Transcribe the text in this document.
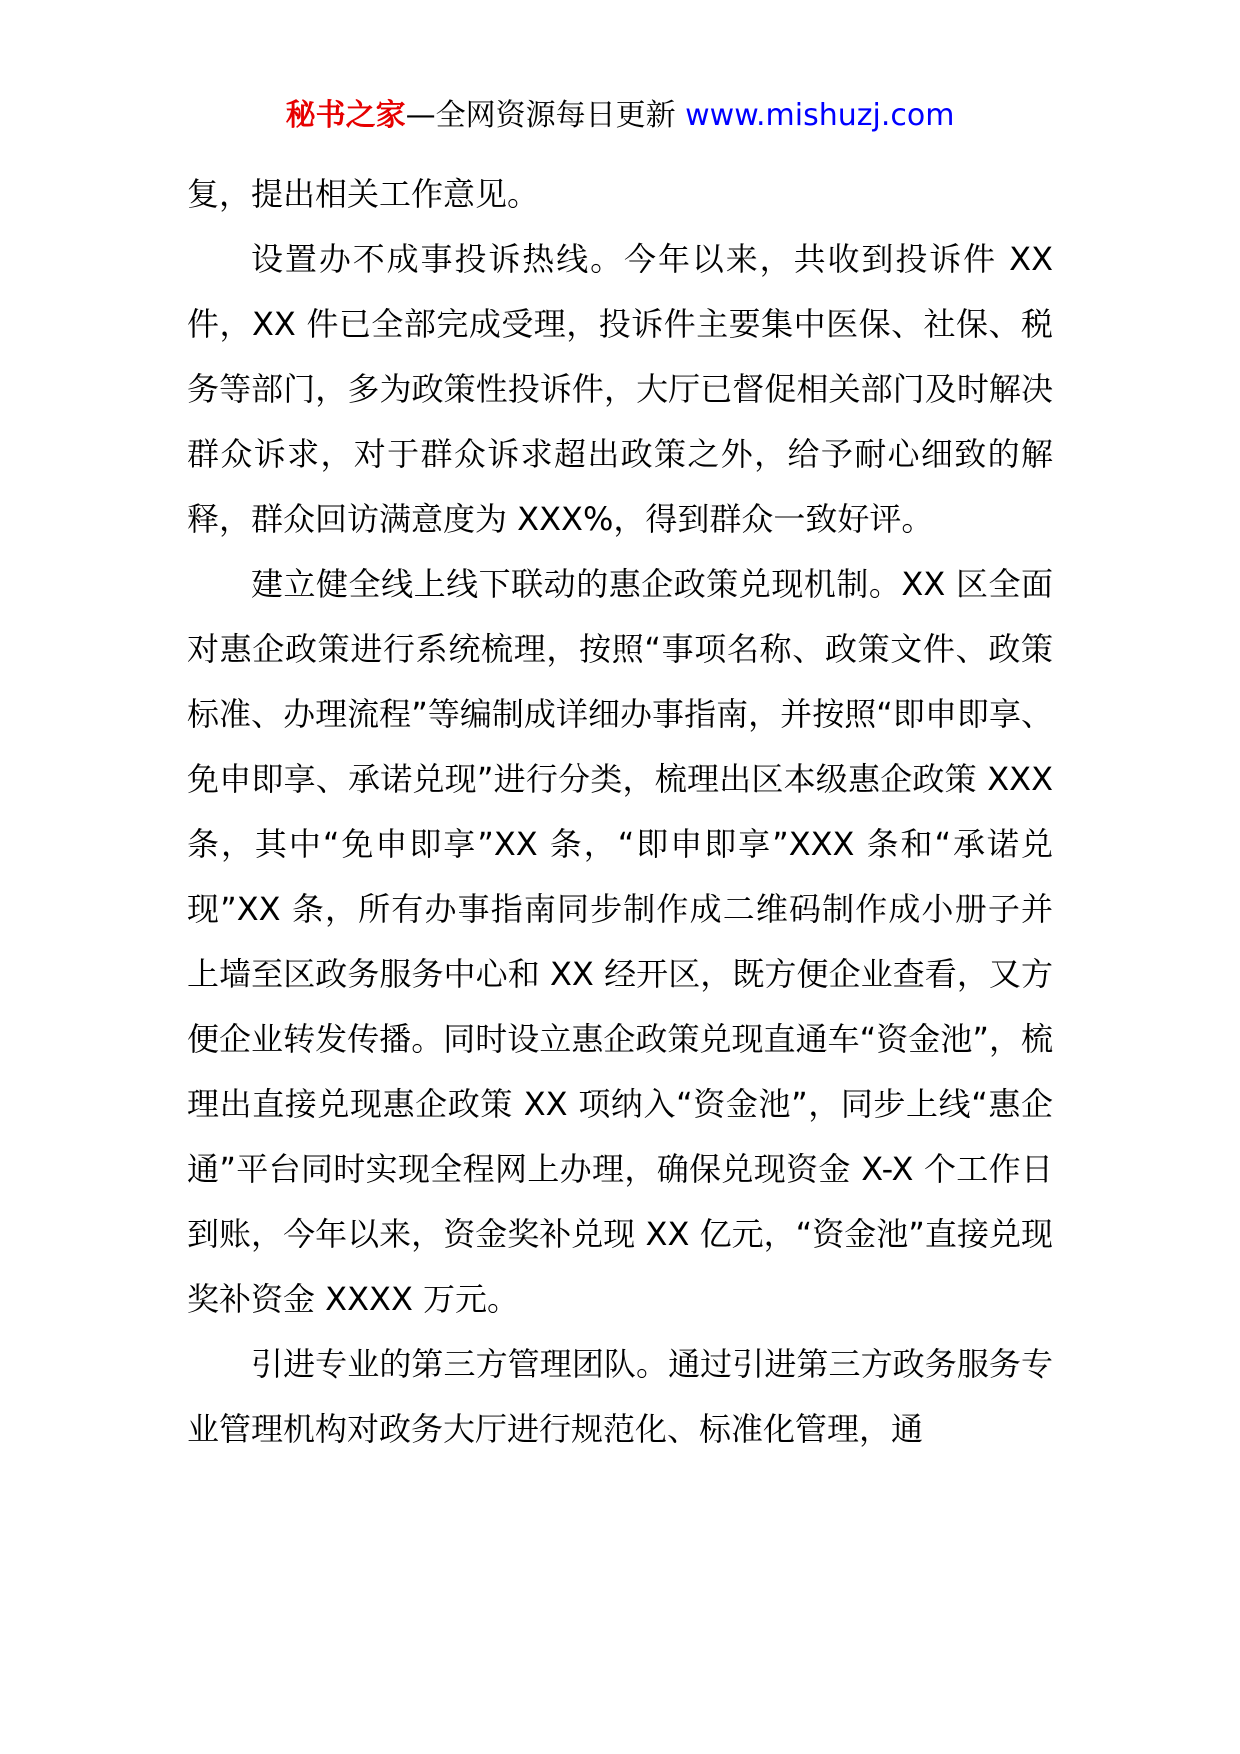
秘书之家—全网资源每日更新 www.mishuzj.com

复，提出相关工作意见。

设置办不成事投诉热线。今年以来，共收到投诉件 XX 件，XX 件已全部完成受理，投诉件主要集中医保、社保、税务等部门，多为政策性投诉件，大厅已督促相关部门及时解决群众诉求，对于群众诉求超出政策之外，给予耐心细致的解释，群众回访满意度为 XXX%，得到群众一致好评。

建立健全线上线下联动的惠企政策兑现机制。XX 区全面对惠企政策进行系统梳理，按照“事项名称、政策文件、政策标准、办理流程”等编制成详细办事指南，并按照“即申即享、免申即享、承诺兑现”进行分类，梳理出区本级惠企政策 XXX 条，其中“免申即享”XX 条，“即申即享”XXX 条和“承诺兑现”XX 条，所有办事指南同步制作成二维码制作成小册子并上墙至区政务服务中心和 XX 经开区，既方便企业查看，又方便企业转发传播。同时设立惠企政策兑现直通车“资金池”，梳理出直接兑现惠企政策 XX 项纳入“资金池”，同步上线“惠企通”平台同时实现全程网上办理，确保兑现资金 X-X 个工作日到账，今年以来，资金奖补兑现 XX 亿元，“资金池”直接兑现奖补资金 XXXX 万元。

引进专业的第三方管理团队。通过引进第三方政务服务专业管理机构对政务大厅进行规范化、标准化管理，通
